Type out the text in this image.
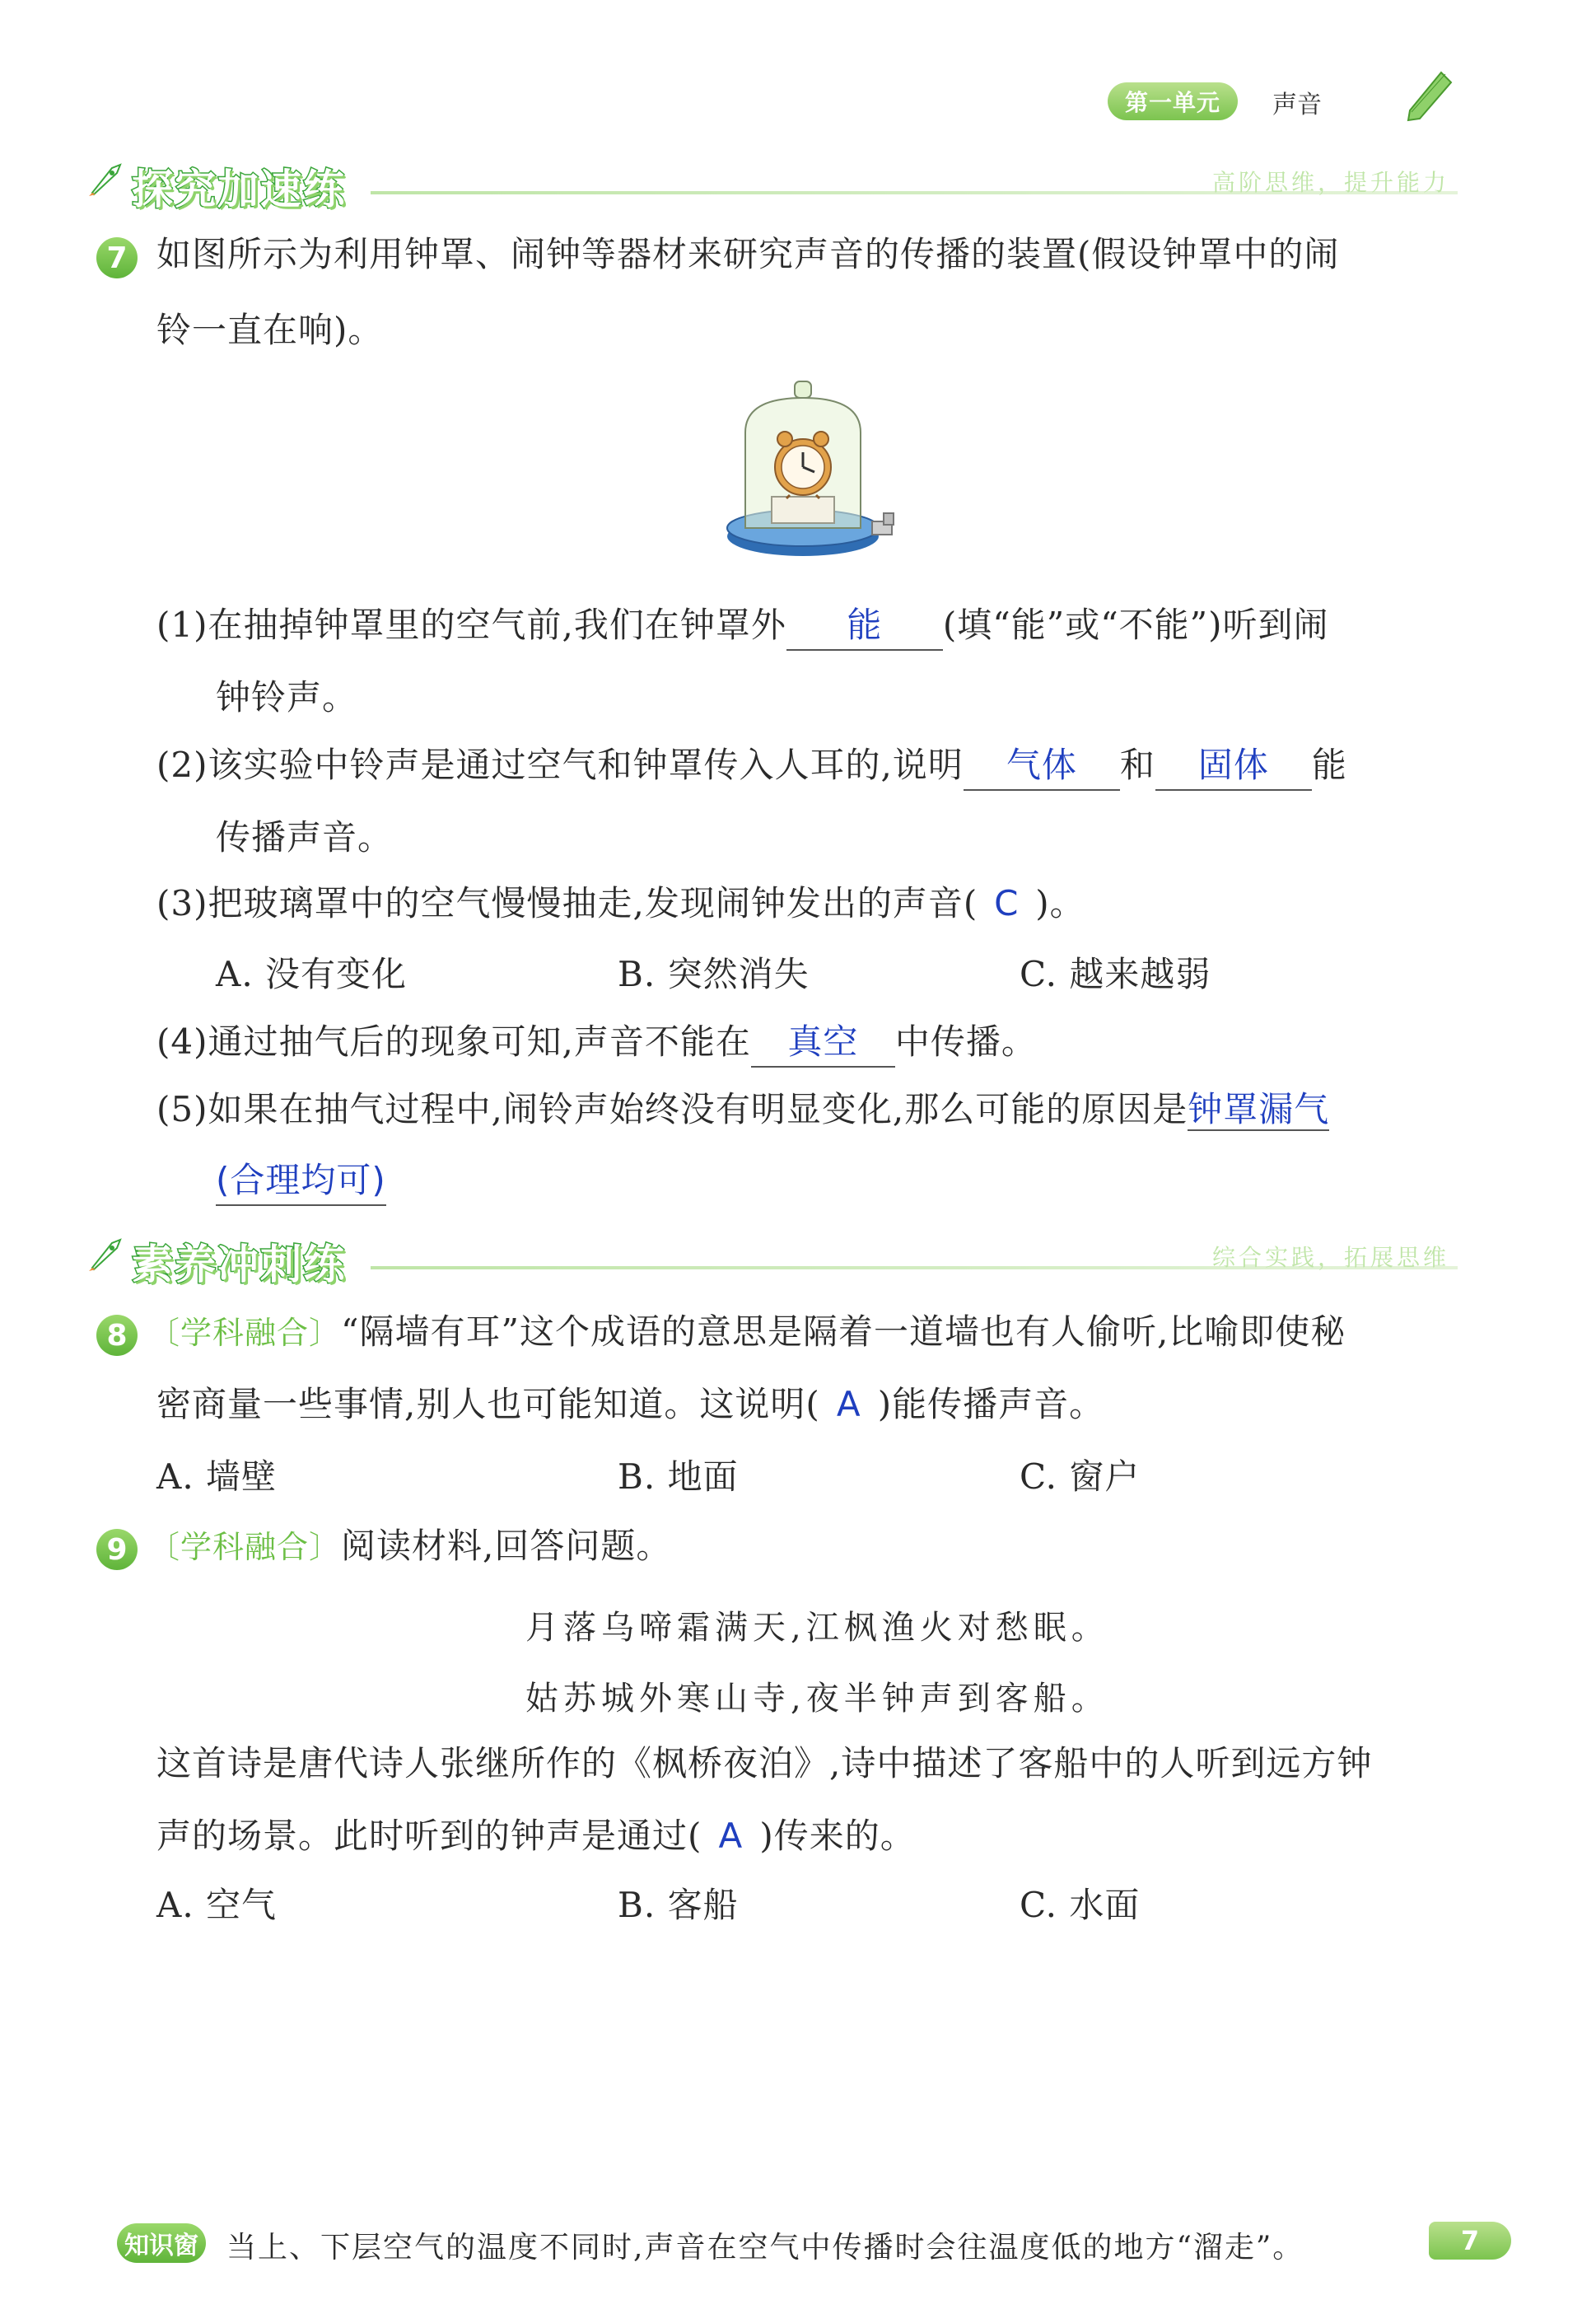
第一单元	声音
探究加速练	高阶思维，提升能力
7 如图所示为利用钟罩、闹钟等器材来研究声音的传播的装置(假设钟罩中的闹
铃一直在响)。
(1)在抽掉钟罩里的空气前,我们在钟罩外 能 (填“能”或“不能”)听到闹
钟铃声。
(2)该实验中铃声是通过空气和钟罩传入人耳的,说明 气体 和 固体 能
传播声音。
(3)把玻璃罩中的空气慢慢抽走,发现闹钟发出的声音( C )。
A. 没有变化	B. 突然消失	C. 越来越弱
(4)通过抽气后的现象可知,声音不能在 真空 中传播。
(5)如果在抽气过程中,闹铃声始终没有明显变化,那么可能的原因是钟罩漏气
(合理均可)
素养冲刺练	综合实践，拓展思维
8 〔学科融合〕“隔墙有耳”这个成语的意思是隔着一道墙也有人偷听,比喻即使秘
密商量一些事情,别人也可能知道。这说明( A )能传播声音。
A. 墙壁	B. 地面	C. 窗户
9 〔学科融合〕阅读材料,回答问题。
月落乌啼霜满天,江枫渔火对愁眠。
姑苏城外寒山寺,夜半钟声到客船。
这首诗是唐代诗人张继所作的《枫桥夜泊》,诗中描述了客船中的人听到远方钟
声的场景。此时听到的钟声是通过( A )传来的。
A. 空气	B. 客船	C. 水面
知识窗 当上、下层空气的温度不同时,声音在空气中传播时会往温度低的地方“溜走”。	7
